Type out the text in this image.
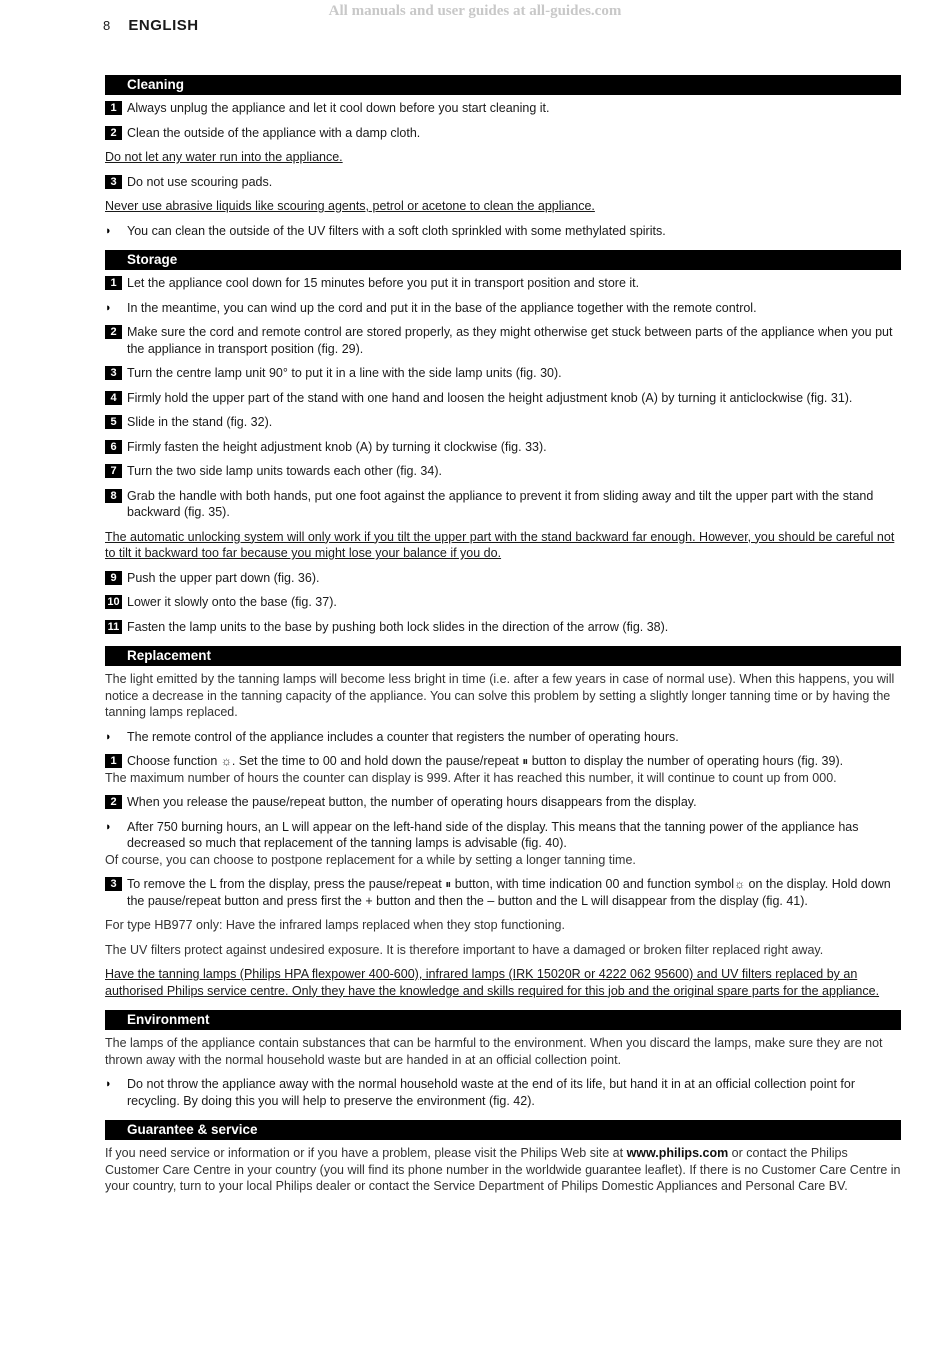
All manuals and user guides at all-guides.com
8 ENGLISH
Cleaning
1 Always unplug the appliance and let it cool down before you start cleaning it.
2 Clean the outside of the appliance with a damp cloth.
Do not let any water run into the appliance.
3 Do not use scouring pads.
Never use abrasive liquids like scouring agents, petrol or acetone to clean the appliance.
◗ You can clean the outside of the UV filters with a soft cloth sprinkled with some methylated spirits.
Storage
1 Let the appliance cool down for 15 minutes before you put it in transport position and store it.
◗ In the meantime, you can wind up the cord and put it in the base of the appliance together with the remote control.
2 Make sure the cord and remote control are stored properly, as they might otherwise get stuck between parts of the appliance when you put the appliance in transport position (fig. 29).
3 Turn the centre lamp unit 90° to put it in a line with the side lamp units (fig. 30).
4 Firmly hold the upper part of the stand with one hand and loosen the height adjustment knob (A) by turning it anticlockwise (fig. 31).
5 Slide in the stand (fig. 32).
6 Firmly fasten the height adjustment knob (A) by turning it clockwise (fig. 33).
7 Turn the two side lamp units towards each other (fig. 34).
8 Grab the handle with both hands, put one foot against the appliance to prevent it from sliding away and tilt the upper part with the stand backward (fig. 35).
The automatic unlocking system will only work if you tilt the upper part with the stand backward far enough. However, you should be careful not to tilt it backward too far because you might lose your balance if you do.
9 Push the upper part down (fig. 36).
10 Lower it slowly onto the base (fig. 37).
11 Fasten the lamp units to the base by pushing both lock slides in the direction of the arrow (fig. 38).
Replacement
The light emitted by the tanning lamps will become less bright in time (i.e. after a few years in case of normal use). When this happens, you will notice a decrease in the tanning capacity of the appliance. You can solve this problem by setting a slightly longer tanning time or by having the tanning lamps replaced.
◗ The remote control of the appliance includes a counter that registers the number of operating hours.
1 Choose function ☼. Set the time to 00 and hold down the pause/repeat ⏸ button to display the number of operating hours (fig. 39).
The maximum number of hours the counter can display is 999. After it has reached this number, it will continue to count up from 000.
2 When you release the pause/repeat button, the number of operating hours disappears from the display.
◗ After 750 burning hours, an L will appear on the left-hand side of the display. This means that the tanning power of the appliance has decreased so much that replacement of the tanning lamps is advisable (fig. 40).
Of course, you can choose to postpone replacement for a while by setting a longer tanning time.
3 To remove the L from the display, press the pause/repeat ⏸ button, with time indication 00 and function symbol☼ on the display. Hold down the pause/repeat button and press first the + button and then the – button and the L will disappear from the display (fig. 41).
For type HB977 only: Have the infrared lamps replaced when they stop functioning.
The UV filters protect against undesired exposure. It is therefore important to have a damaged or broken filter replaced right away.
Have the tanning lamps (Philips HPA flexpower 400-600), infrared lamps (IRK 15020R or 4222 062 95600) and UV filters replaced by an authorised Philips service centre. Only they have the knowledge and skills required for this job and the original spare parts for the appliance.
Environment
The lamps of the appliance contain substances that can be harmful to the environment. When you discard the lamps, make sure they are not thrown away with the normal household waste but are handed in at an official collection point.
◗ Do not throw the appliance away with the normal household waste at the end of its life, but hand it in at an official collection point for recycling. By doing this you will help to preserve the environment (fig. 42).
Guarantee & service
If you need service or information or if you have a problem, please visit the Philips Web site at www.philips.com or contact the Philips Customer Care Centre in your country (you will find its phone number in the worldwide guarantee leaflet). If there is no Customer Care Centre in your country, turn to your local Philips dealer or contact the Service Department of Philips Domestic Appliances and Personal Care BV.
